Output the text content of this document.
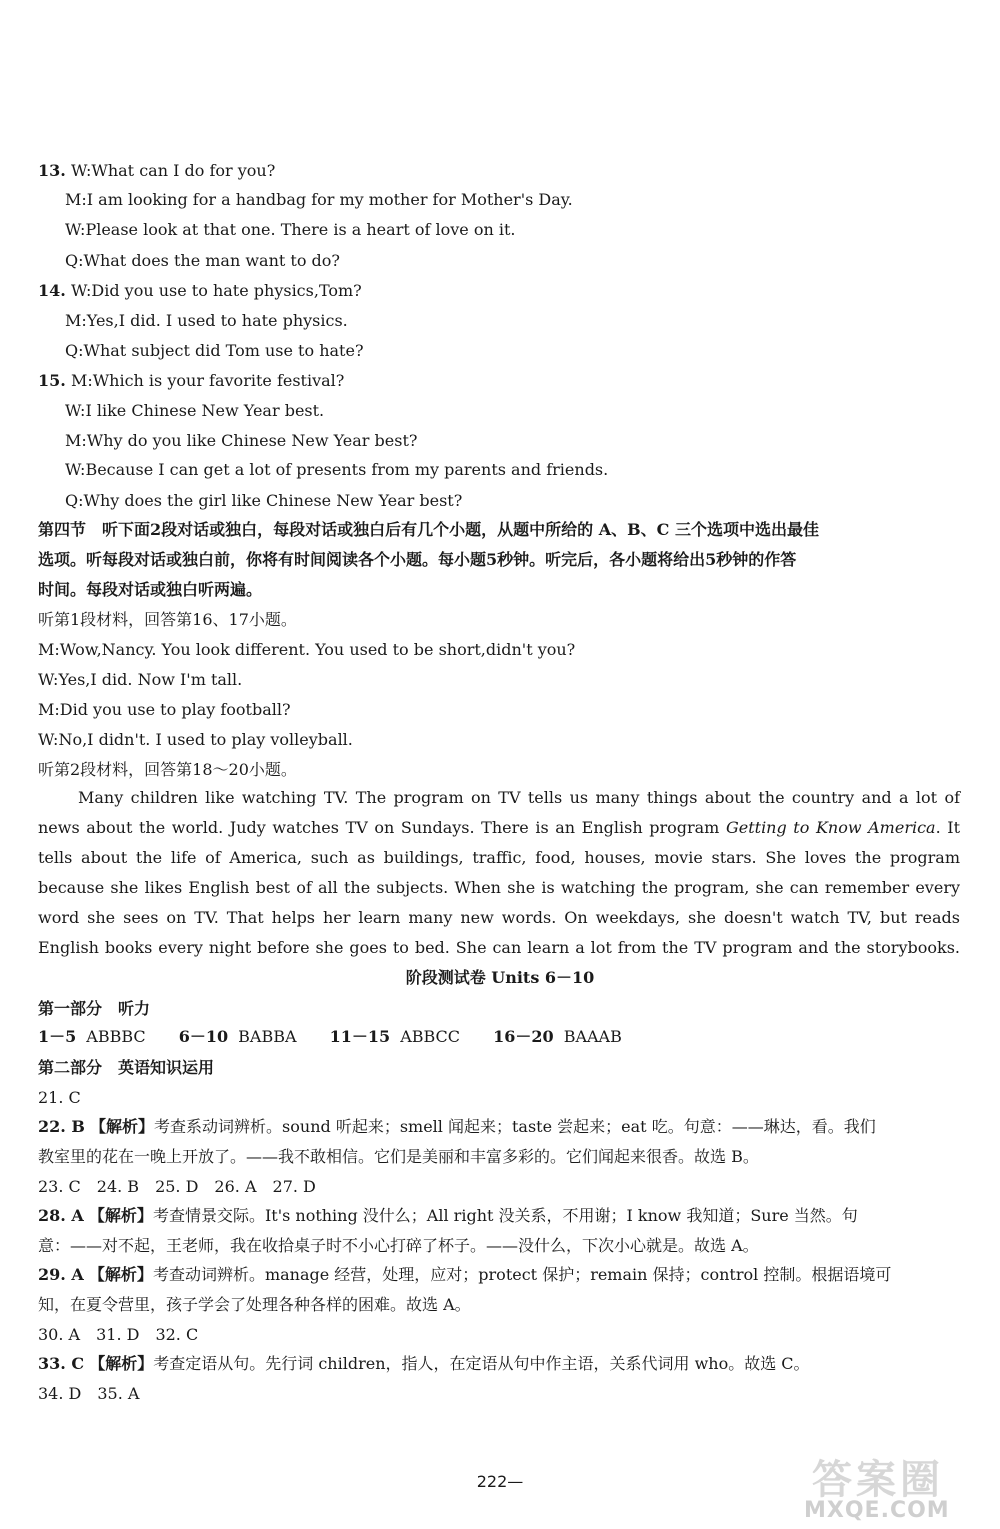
13. W:What can I do for you?
M:I am looking for a handbag for my mother for Mother's Day.
W:Please look at that one. There is a heart of love on it.
Q:What does the man want to do?
14. W:Did you use to hate physics,Tom?
M:Yes,I did. I used to hate physics.
Q:What subject did Tom use to hate?
15. M:Which is your favorite festival?
W:I like Chinese New Year best.
M:Why do you like Chinese New Year best?
W:Because I can get a lot of presents from my parents and friends.
Q:Why does the girl like Chinese New Year best?
第四节　听下面2段对话或独白，每段对话或独白后有几个小题，从题中所给的 A、B、C 三个选项中选出最佳
选项。听每段对话或独白前，你将有时间阅读各个小题。每小题5秒钟。听完后，各小题将给出5秒钟的作答
时间。每段对话或独白听两遍。
听第1段材料，回答第16、17小题。
M:Wow,Nancy. You look different. You used to be short,didn't you?
W:Yes,I did. Now I'm tall.
M:Did you use to play football?
W:No,I didn't. I used to play volleyball.
听第2段材料，回答第18～20小题。
Many children like watching TV. The program on TV tells us many things about the country and a lot of
news about the world. Judy watches TV on Sundays. There is an English program Getting to Know America. It
tells about the life of America, such as buildings, traffic, food, houses, movie stars. She loves the program
because she likes English best of all the subjects. When she is watching the program, she can remember every
word she sees on TV. That helps her learn many new words. On weekdays, she doesn't watch TV, but reads
English books every night before she goes to bed. She can learn a lot from the TV program and the storybooks.
阶段测试卷 Units 6－10
第一部分　听力
1－5 ABBBC 6－10 BABBA 11－15 ABBCC 16－20 BAAAB
第二部分　英语知识运用
21. C
22. B 【解析】考查系动词辨析。sound 听起来；smell 闻起来；taste 尝起来；eat 吃。句意：——琳达，看。我们
教室里的花在一晚上开放了。——我不敢相信。它们是美丽和丰富多彩的。它们闻起来很香。故选 B。
23. C　24. B　25. D　26. A　27. D
28. A 【解析】考查情景交际。It's nothing 没什么；All right 没关系，不用谢；I know 我知道；Sure 当然。句
意：——对不起，王老师，我在收拾桌子时不小心打碎了杯子。——没什么，下次小心就是。故选 A。
29. A 【解析】考查动词辨析。manage 经营，处理，应对；protect 保护；remain 保持；control 控制。根据语境可
知，在夏令营里，孩子学会了处理各种各样的困难。故选 A。
30. A　31. D　32. C
33. C 【解析】考查定语从句。先行词 children，指人，在定语从句中作主语，关系代词用 who。故选 C。
34. D　35. A
222—	答案圈
MXQE.COM
